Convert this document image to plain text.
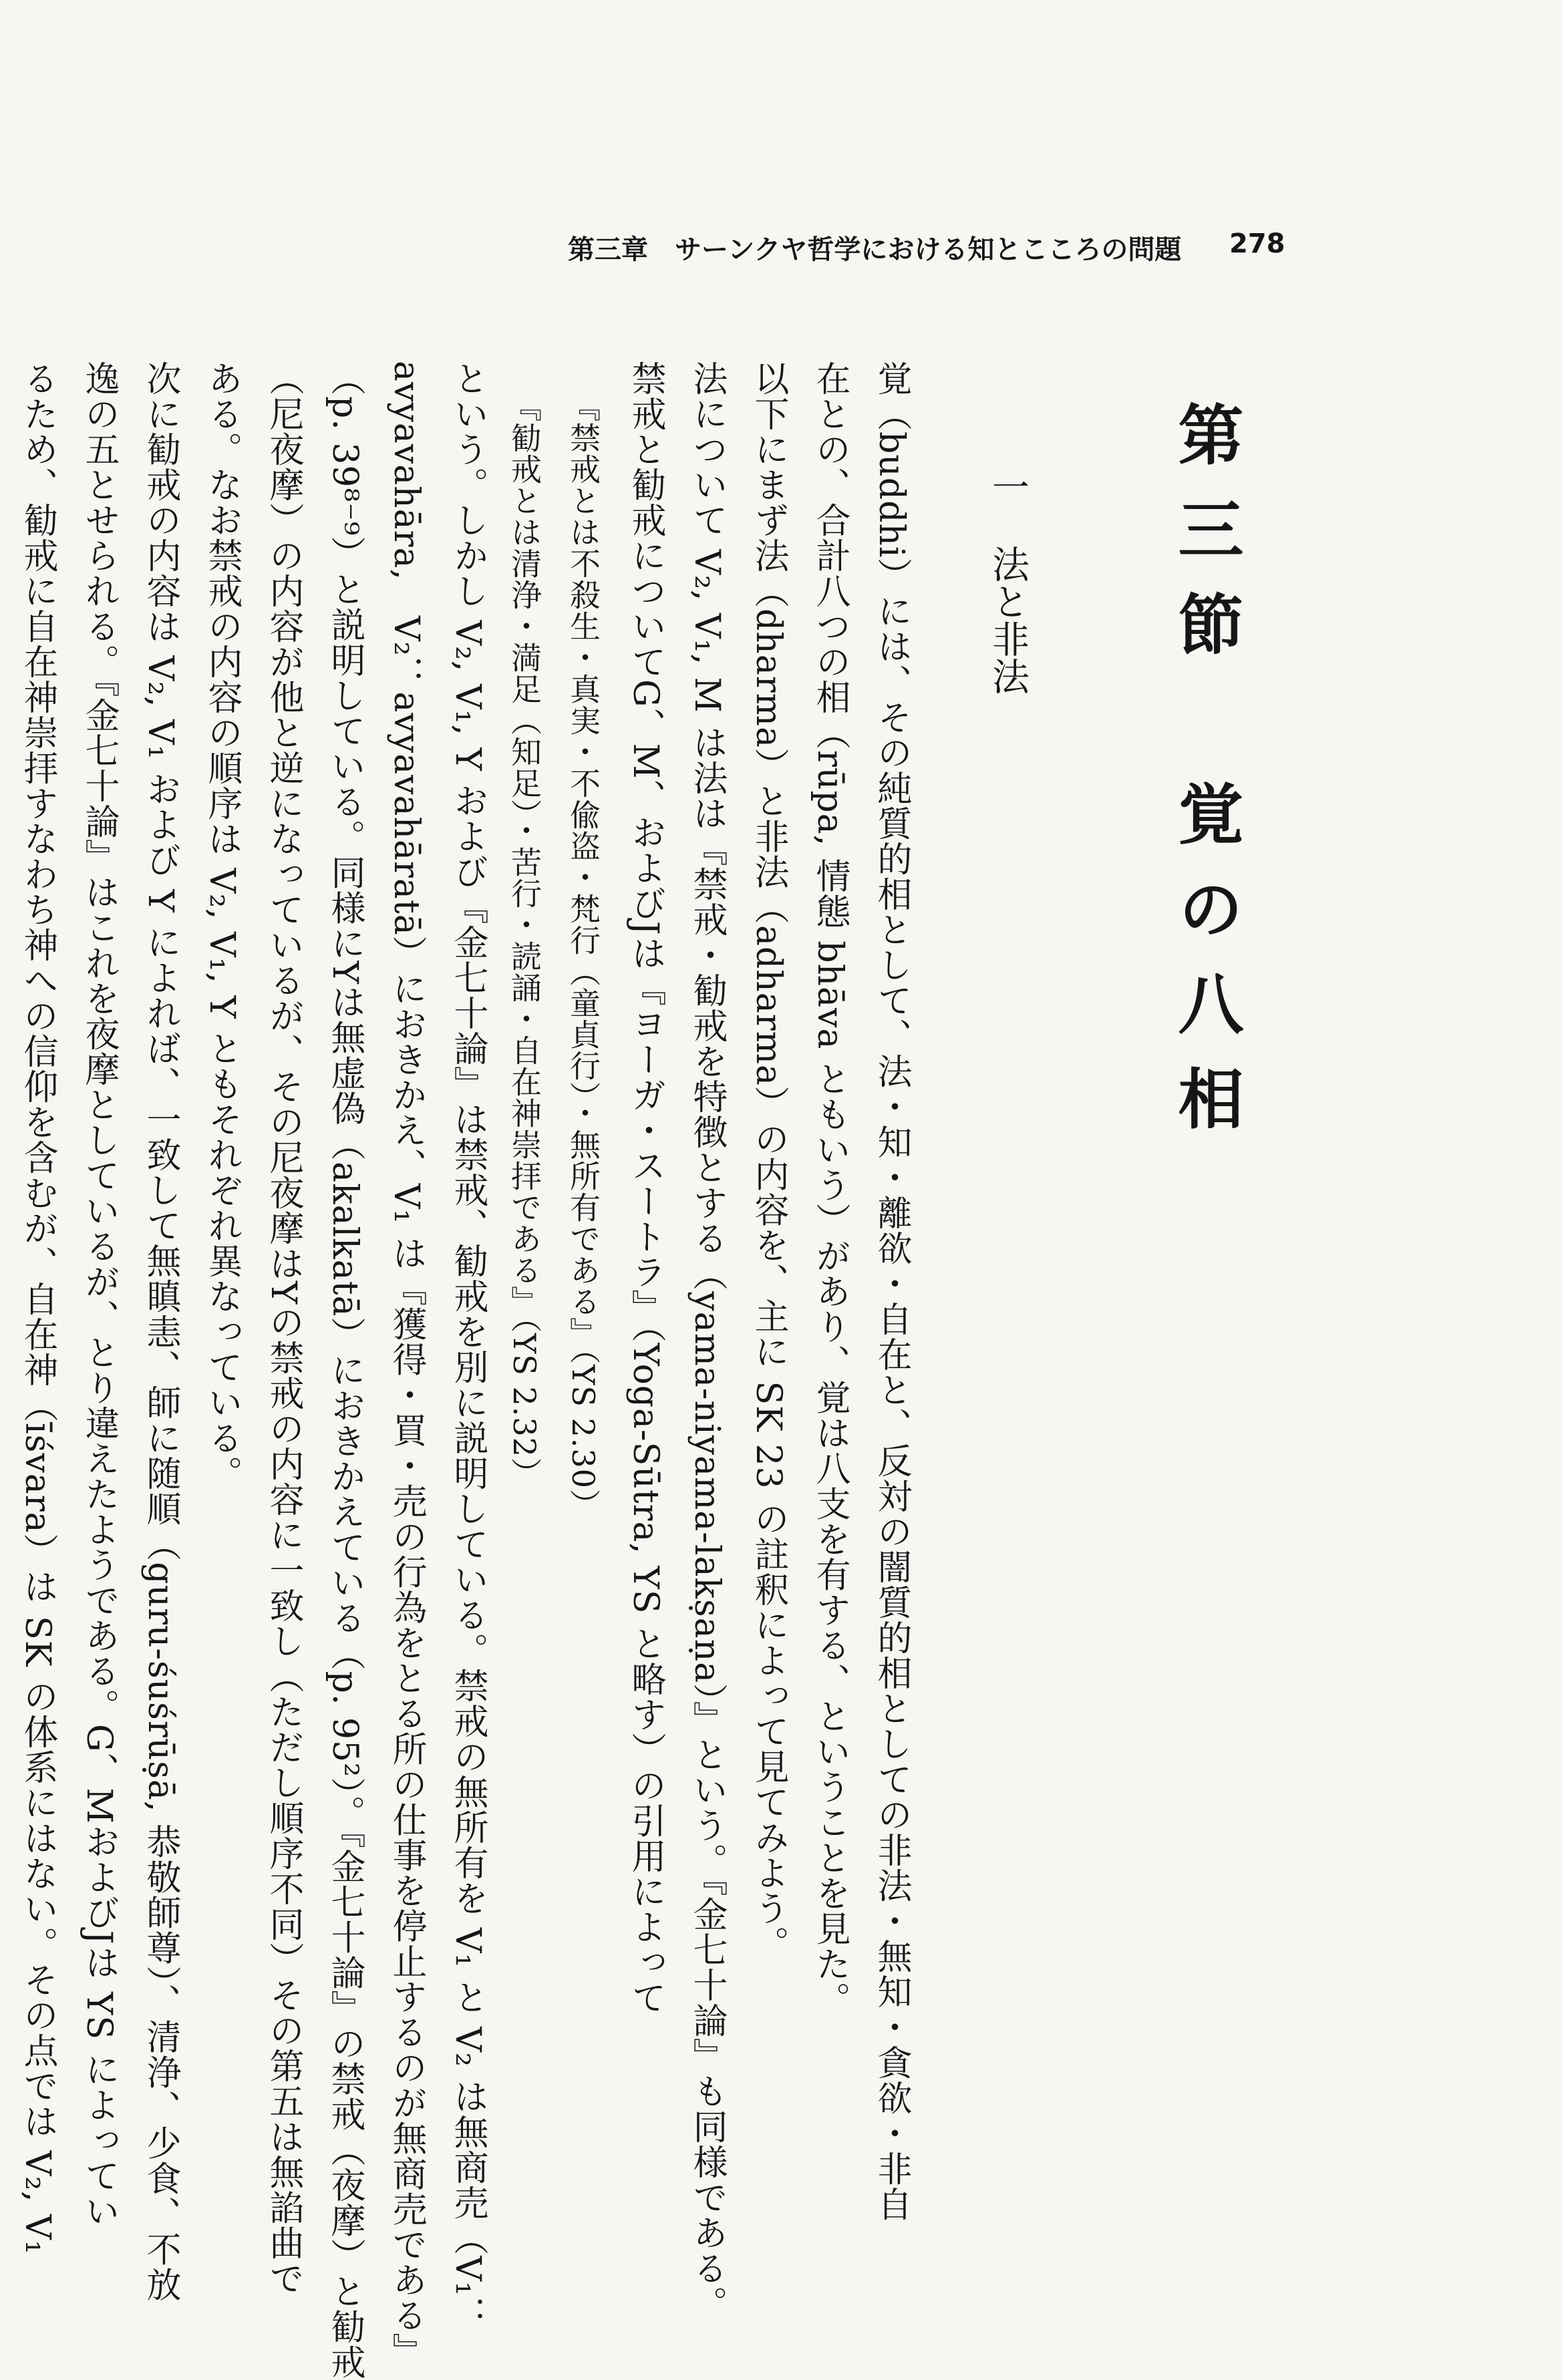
第三章　サーンクヤ哲学における知とこころの問題 278
第三節　覚の八相
一法と非法
覚（buddhi）には、その純質的相として、法・知・離欲・自在と、反対の闇質的相としての非法・無知・貪欲・非自
在との、合計八つの相（rūpa, 情態 bhāva ともいう）があり、覚は八支を有する、ということを見た。
以下にまず法（dharma）と非法（adharma）の内容を、主に SK 23 の註釈によって見てみよう。
法について V₂, V₁, M は法は『禁戒・勧戒を特徴とする（yama-niyama-lakṣaṇa）』という。『金七十論』も同様である。
禁戒と勧戒についてG、M、およびJは『ヨーガ・スートラ』（Yoga-Sūtra, YS と略す）の引用によって
『禁戒とは不殺生・真実・不偸盗・梵行（童貞行）・無所有である』（YS 2.30）
『勧戒とは清浄・満足（知足）・苦行・読誦・自在神崇拝である』（YS 2.32）
という。しかし V₂, V₁, Y および『金七十論』は禁戒、勧戒を別に説明している。禁戒の無所有を V₁ と V₂ は無商売（V₁：
avyavahāra,　V₂：avyavahāratā）におきかえ、V₁ は『獲得・買・売の行為をとる所の仕事を停止するのが無商売である』
（p. 39⁸⁻⁹）と説明している。同様にYは無虚偽（akalkatā）におきかえている（p. 95²）。『金七十論』の禁戒（夜摩）と勧戒
（尼夜摩）の内容が他と逆になっているが、その尼夜摩はYの禁戒の内容に一致し（ただし順序不同）その第五は無諂曲で
ある。なお禁戒の内容の順序は V₂, V₁, Y ともそれぞれ異なっている。
次に勧戒の内容は V₂, V₁ および Y によれば、一致して無瞋恚、師に随順（guru-śuśrūṣā, 恭敬師尊）、清浄、少食、不放
逸の五とせられる。『金七十論』はこれを夜摩としているが、とり違えたようである。G、MおよびJは YS によってい
るため、勧戒に自在神崇拝すなわち神への信仰を含むが、自在神（īśvara）は SK の体系にはない。その点では V₂, V₁
